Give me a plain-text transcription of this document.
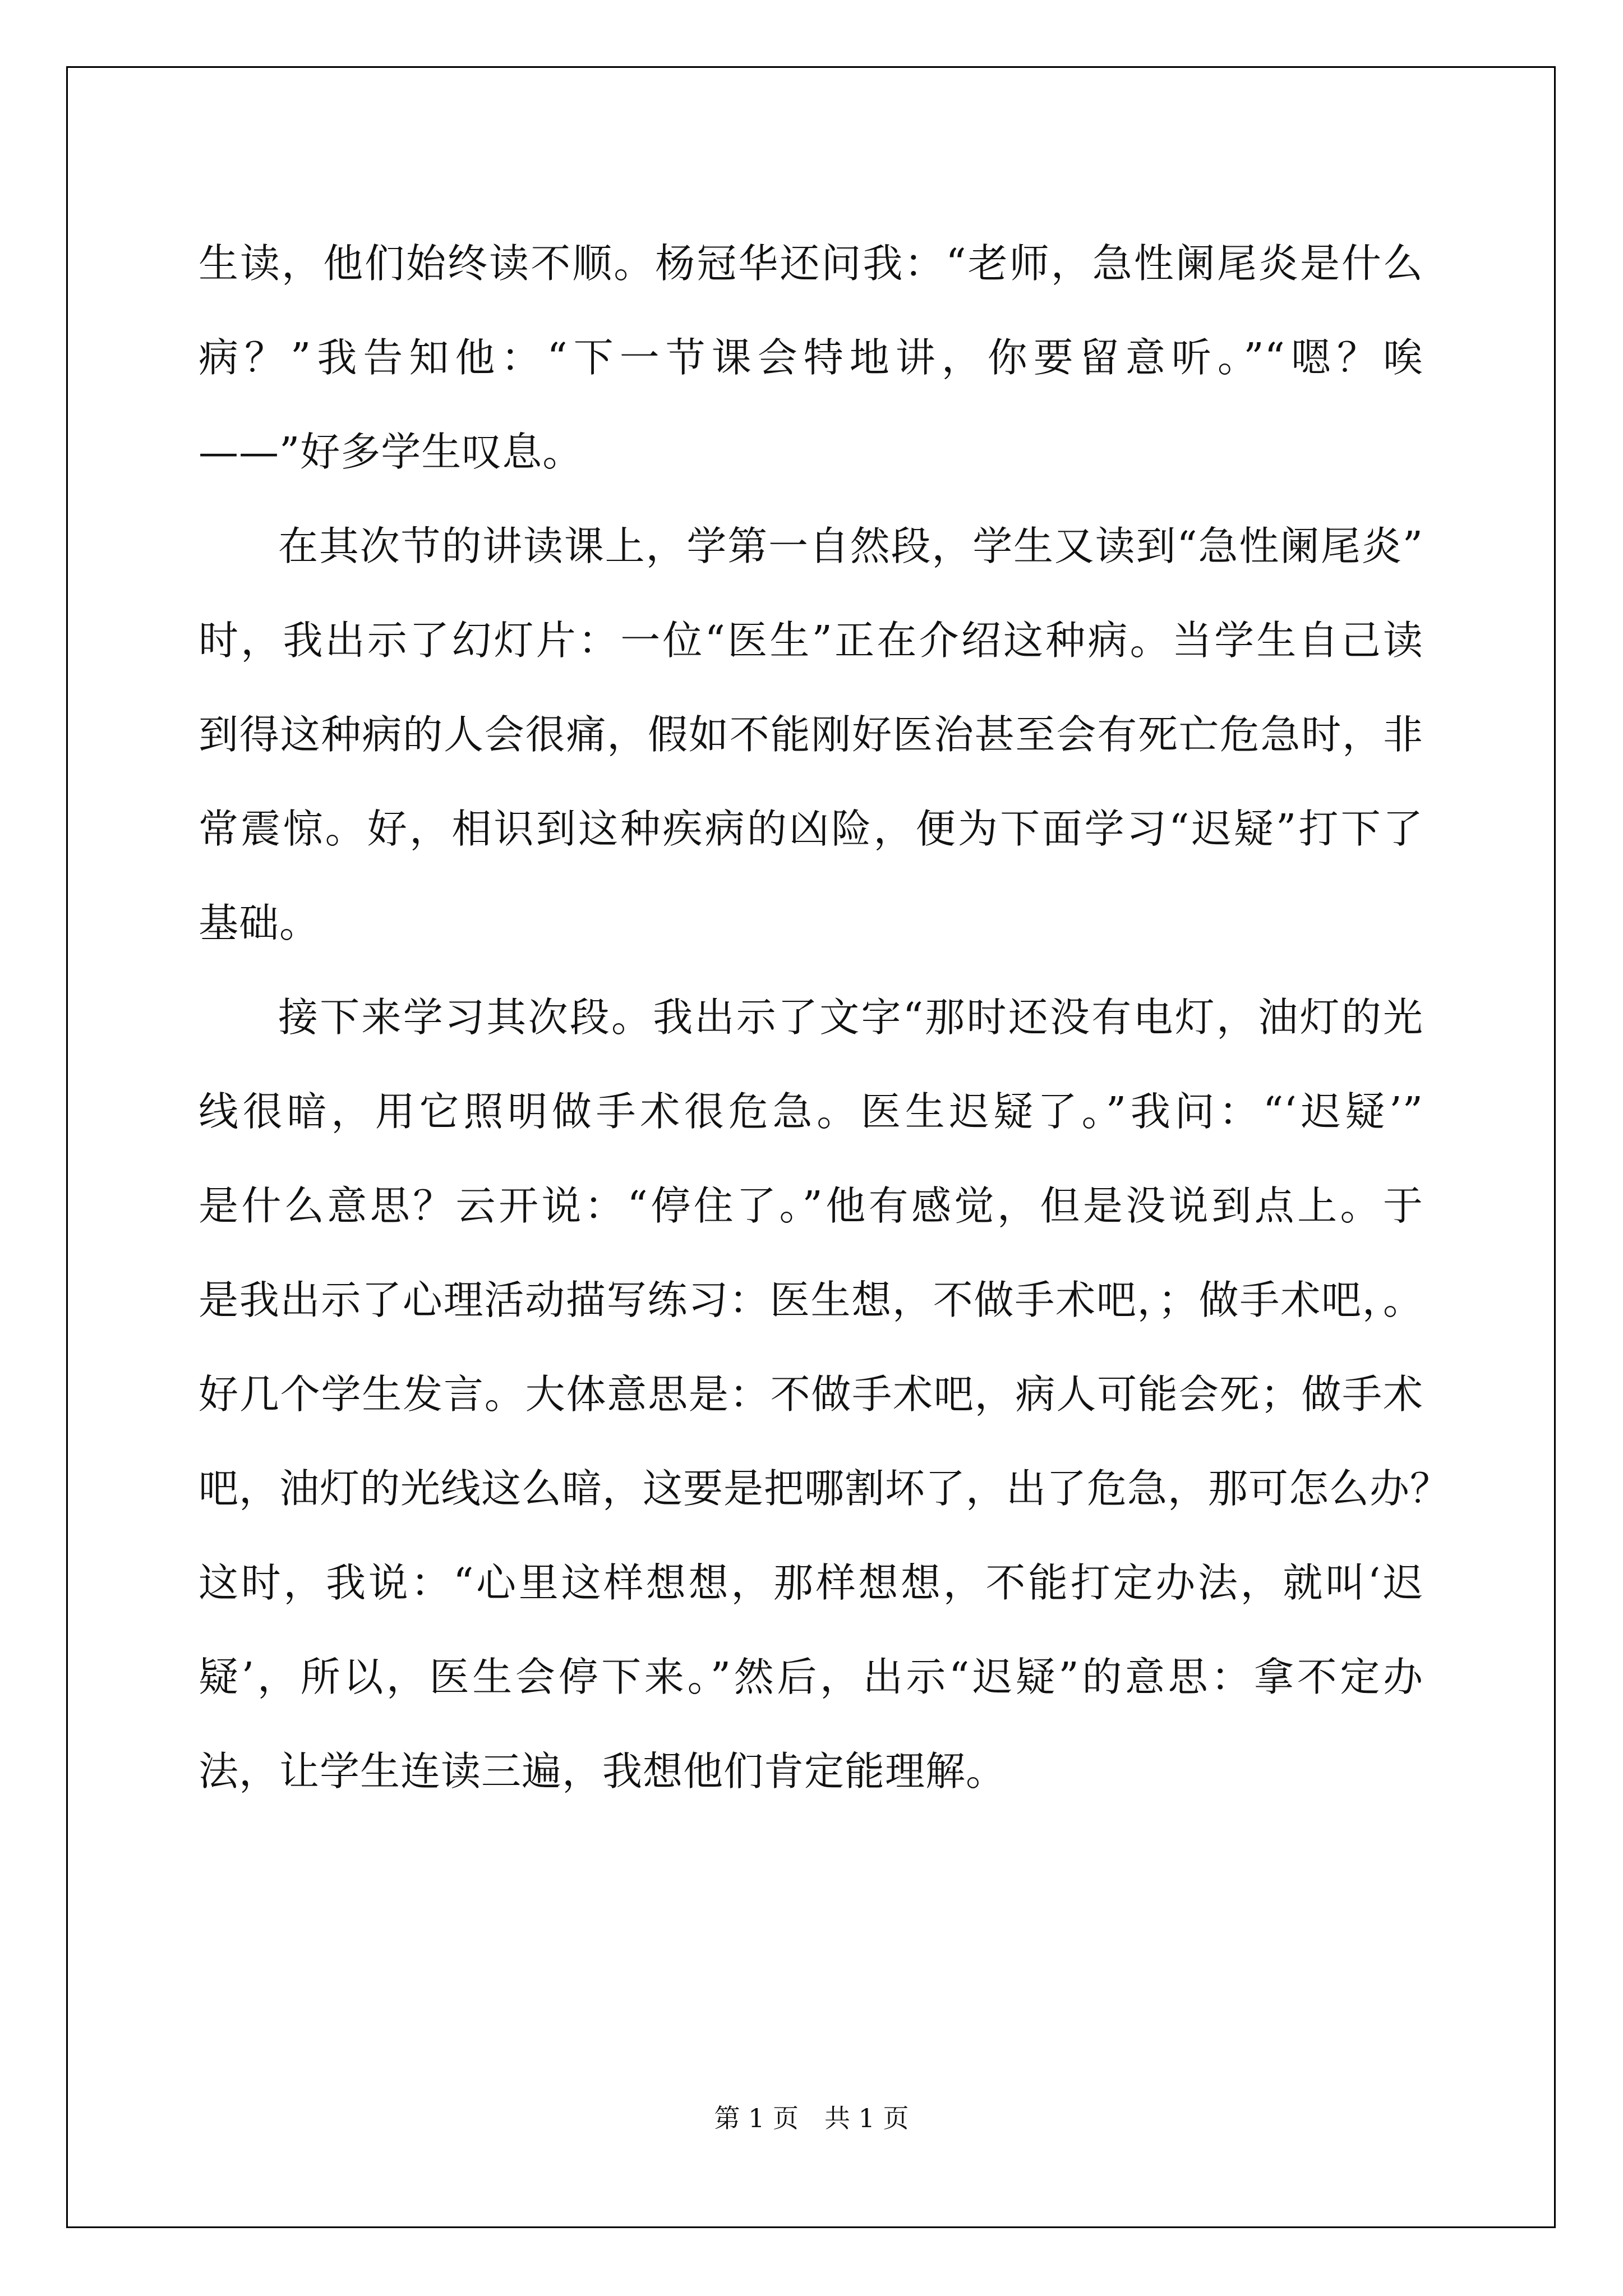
生读，他们始终读不顺。杨冠华还问我：“老师，急性阑尾炎是什么
病？”我告知他：“下一节课会特地讲，你要留意听。”“嗯？唉
——”好多学生叹息。
在其次节的讲读课上，学第一自然段，学生又读到“急性阑尾炎”
时，我出示了幻灯片：一位“医生”正在介绍这种病。当学生自己读
到得这种病的人会很痛，假如不能刚好医治甚至会有死亡危急时，非
常震惊。好，相识到这种疾病的凶险，便为下面学习“迟疑”打下了
基础。
接下来学习其次段。我出示了文字“那时还没有电灯，油灯的光
线很暗，用它照明做手术很危急。医生迟疑了。”我问：“‘迟疑’”
是什么意思？云开说：“停住了。”他有感觉，但是没说到点上。于
是我出示了心理活动描写练习：医生想，不做手术吧，；做手术吧，。
好几个学生发言。大体意思是：不做手术吧，病人可能会死；做手术
吧，油灯的光线这么暗，这要是把哪割坏了，出了危急，那可怎么办？
这时，我说：“心里这样想想，那样想想，不能打定办法，就叫‘迟
疑’，所以，医生会停下来。”然后，出示“迟疑”的意思：拿不定办
法，让学生连读三遍，我想他们肯定能理解。
第 1 页　共 1 页
